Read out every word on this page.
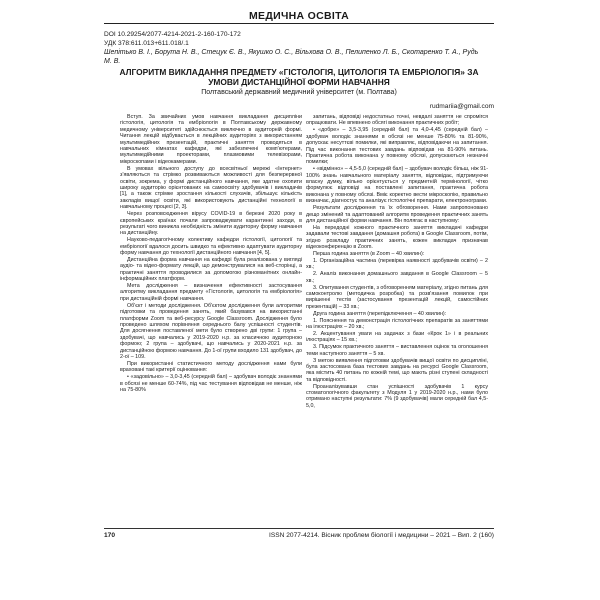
МЕДИЧНА ОСВІТА
DOI 10.29254/2077-4214-2021-2-160-170-172
УДК 378:611.013+611.018/.1
Шепітько В. І., Борута Н. В., Стецук Є. В., Якушко О. С., Вільхова О. В., Пелипенко Л. Б., Скотаренко Т. А., Рудь М. В.
АЛГОРИТМ ВИКЛАДАННЯ ПРЕДМЕТУ «ГІСТОЛОГІЯ, ЦИТОЛОГІЯ ТА ЕМБРІОЛОГІЯ» ЗА УМОВИ ДИСТАНЦІЙНОЇ ФОРМИ НАВЧАННЯ
Полтавський державний медичний університет (м. Полтава)
rudmariia@gmail.com

Вступ. За звичайних умов навчання викладання дисципліни гістологія, цитологія та ембріологія в Полтавському державному медичному університеті здійснюється виключно в аудиторній формі. Читання лекцій відбувається в лекційних аудиторіях з використанням мультимедійних презентацій, практичні заняття проводяться в навчальних кімнатах кафедри, які забезпечені комп'ютерами, мультимедійними проекторами, плазмовими телевізорами, мікроскопами і відеокамерами.

В умовах вільного доступу до всесвітньої мережі «Інтернет» з'являються та стрімко розвиваються можливості для безперервної освіти, зокрема, у формі дистанційного навчання, яке здатне охопити широку аудиторію орієнтованих на самоосвіту здобувачів і викладачів [1], а також стрімке зростання кількості слухачів, збільшує кількість закладів вищої освіти, які використовують дистанційні технології в навчальному процесі [2, 3].

Через розповсюдження вірусу COVID-19 в березні 2020 року в європейських країнах почали запроваджувати карантинні заходи, в результаті чого виникла необхідність змінити аудиторну форму навчання на дистанційну.

Науково-педагогічному колективу кафедри гістології, цитології та ембріології вдалося досить швидко та ефективно адаптувати аудиторну форму навчання до технології дистанційного навчання [4, 5].

Дистанційна форма навчання на кафедрі була реалізована у вигляді аудіо- та відео-формату лекцій, що демонструвалися на веб-сторінці, а практичні заняття проводилися за допомогою різноманітних онлайн-інформаційних платформ.

Мета дослідження – визначення ефективності застосування алгоритму викладання предмету «Гістологія, цитологія та ембріологія» при дистанційній формі навчання.

Об'єкт і методи дослідження. Об'єктом дослідження були алгоритми підготовки та проведення занять, який базувався на використанні платформи Zoom та веб-ресурсу Google Classroom. Дослідження було проведено шляхом порівняння середнього балу успішності студентів. Для досягнення поставленої мети було створено дві групи: 1 група – здобувачі, що навчались у 2019-2020 н.р. за класичною аудиторною формою; 2 група – здобувачі, що навчались у 2020-2021 н.р. за дистанційною формою навчання. До 1-ої групи входило 131 здобувач, до 2-ої – 109.

При використанні статистичного методу дослідження нами були враховані такі критерії оцінювання:

• «задовільно» – 3,0-3,45 (середній бал) – здобувач володіє знаннями в обсязі не менше 60-74%, під час тестування відповідав не менше, ніж на 75-80%

запитань, відповіді недостатньо точні, невдалі заняття не спромігся опрацювати. Не впевнено обсягі виконання практичних робіт;

• «добре» – 3,5-3,95 (середній бал) та 4,0-4,45 (середній бал) – здобувач володіє знаннями в обсязі не менше 75-80% та 81-90%, допускає несуттєві помилки, які виправляє, відповідаючи на запитання. Під час виконання тестових завдань відповідав на 81-90% питань. Практична робота виконана у повному обсязі, допускаються незначні помилки;

• «відмінно» – 4,5-5,0 (середній бал) – здобувач володіє більш, ніж 91-100% знань навчального матеріалу заняття, відповідає, підтримуючи власну думку, вільно орієнтується у предметній термінології, чітко формулює відповіді на поставлені запитання, практична робота виконана у повному обсязі. Вміє коректно вести мікроскопію, правильно визначає, діагностує та аналізує гістологічні препарати, електронограми.

Результати дослідження та їх обговорення. Нами запропоновано дещо змінений та адаптований алгоритм проведення практичних занять для дистанційної форми навчання. Він полягає в наступному:

На передодні кожного практичного заняття викладачі кафедри задавали тестові завдання (домашня робота) в Google Classroom, потім, згідно розкладу практичних занять, кожен викладач призначав відеоконференцію в Zoom.

Перша година заняття (в Zoom – 40 хвилин):

1. Організаційна частина (перевірка наявності здобувачів освіти) – 2 хв.;

2. Аналіз виконання домашнього завдання в Google Classroom – 5 хв.;

3. Опитування студентів, з обговоренням матеріалу, згідно питань для самоконтролю (методичка розробка) та розв'язання помилок при вирішенні тестів (застосування презентацій лекцій, самостійних презентацій) – 33 хв.;

Друга година заняття (перепідключення – 40 хвилин):

1. Пояснення та демонстрація гістологічних препаратів за заняттями на ілюстраціях – 20 хв.;

2. Акцентування уваги на задачах з бази «Крок 1» і в реальних ілюстраціях – 15 хв.;

3. Підсумок практичного заняття – виставлення оцінок та оголошення теми наступного заняття – 5 хв.

З метою виявлення підготовки здобувачів вищої освіти по дисципліні, була застосована база тестових завдань на ресурсі Google Classroom, яка містить 40 питань по кожній темі, що мають різні ступені складності та відповідності.

Проаналізувавши стан успішності здобувачів 1 курсу стоматологічного факультету з Модуля 1 у 2019-2020 н.р., нами було отримано наступні результати: 7% (9 здобувачів) мали середній бал 4,5-5,0,

170	ISSN 2077-4214. Вісник проблем біології і медицини – 2021 – Вип. 2 (160)
